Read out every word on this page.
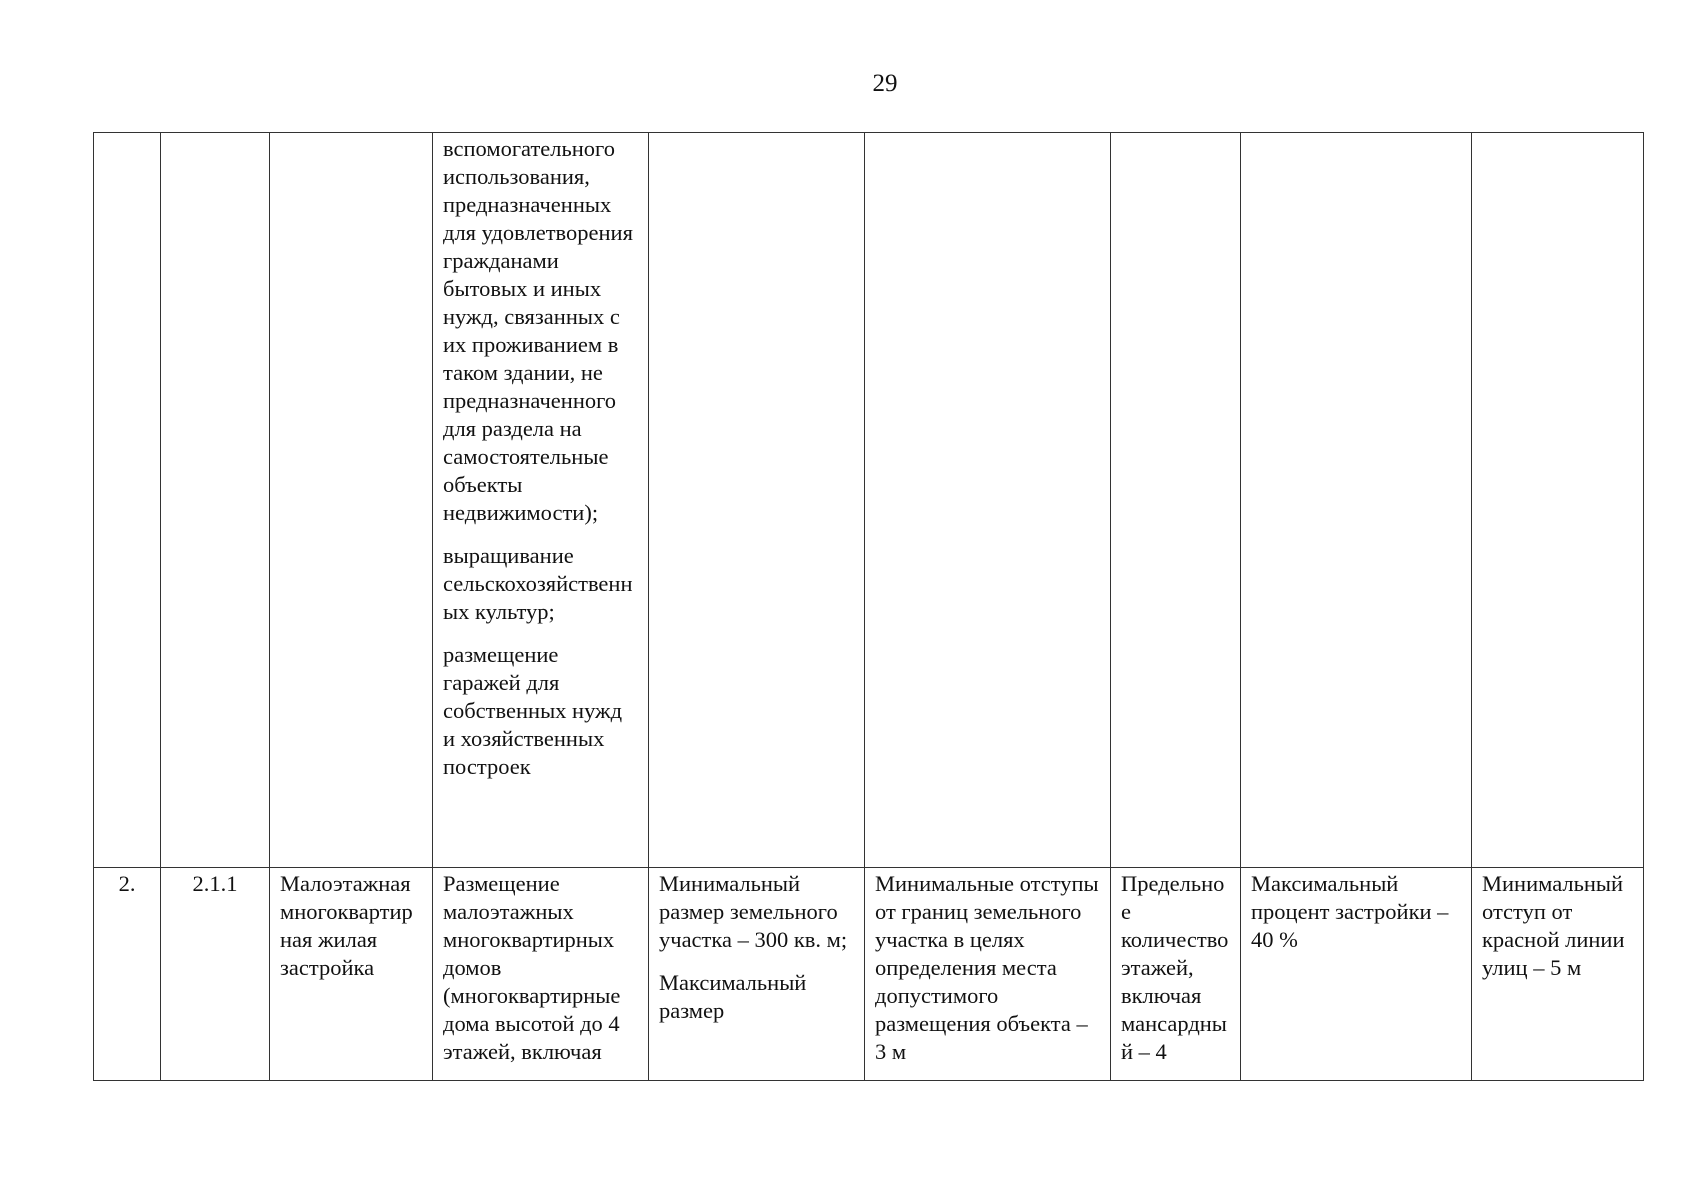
29

			вспомогательного использования, предназначенных для удовлетворения гражданами бытовых и иных нужд, связанных с их проживанием в таком здании, не предназначенного для раздела на самостоятельные объекты недвижимости);
выращивание сельскохозяйственных культур;
размещение гаражей для собственных нужд и хозяйственных построек					

2.	2.1.1	Малоэтажная многоквартирная жилая застройка	Размещение малоэтажных многоквартирных домов (многоквартирные дома высотой до 4 этажей, включая	Минимальный размер земельного участка – 300 кв. м;
Максимальный размер	Минимальные отступы от границ земельного участка в целях определения места допустимого размещения объекта – 3 м	Предельное количество этажей, включая мансардный – 4	Максимальный процент застройки – 40 %	Минимальный отступ от красной линии улиц – 5 м
